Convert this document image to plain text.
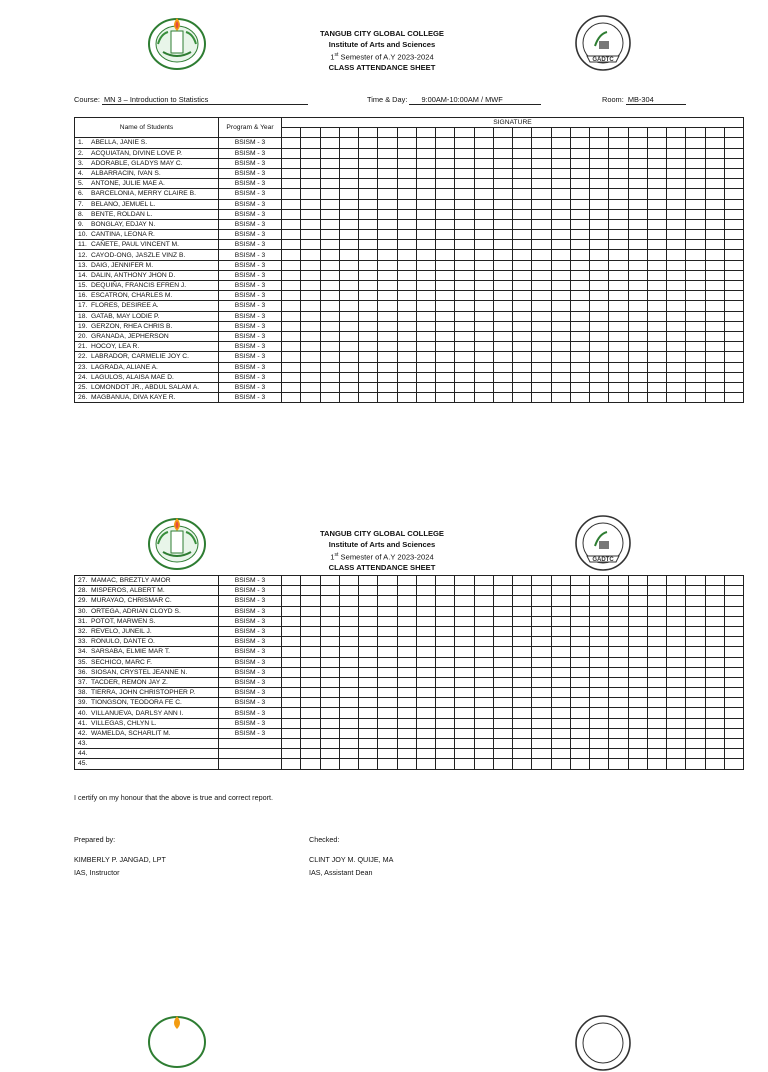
GADTC
TANGUB CITY GLOBAL COLLEGE
Institute of Arts and Sciences
1st Semester of A.Y 2023-2024
CLASS ATTENDANCE SHEET
Course: MN 3 – Introduction to Statistics	Time & Day: 9:00AM-10:00AM / MWF	Room: MB-304
Name of Students	Program & Year	SIGNATURE																							

1. ABELLA, JANIE S.	BSISM - 3																								
2. ACQUIATAN, DIVINE LOVE P.	BSISM - 3																								
3. ADORABLE, GLADYS MAY C.	BSISM - 3																								
4. ALBARRACIN, IVAN S.	BSISM - 3																								
5. ANTONE, JULIE MAE A.	BSISM - 3																								
6. BARCELONIA, MERRY CLAIRE B.	BSISM - 3																								
7. BELANO, JEMUEL L.	BSISM - 3																								
8. BENTE, ROLDAN L.	BSISM - 3																								
9. BONGLAY, EDJAY N.	BSISM - 3																								
10. CANTINA, LEONA R.	BSISM - 3																								
11. CAÑETE, PAUL VINCENT M.	BSISM - 3																								
12. CAYOD-ONG, JASZLE VINZ B.	BSISM - 3																								
13. DAIG, JENNIFER M.	BSISM - 3																								
14. DALIN, ANTHONY JHON D.	BSISM - 3																								
15. DEQUIÑA, FRANCIS EFREN J.	BSISM - 3																								
16. ESCATRON, CHARLES M.	BSISM - 3																								
17. FLORES, DESIREE A.	BSISM - 3																								
18. GATAB, MAY LODIE P.	BSISM - 3																								
19. GERZON, RHEA CHRIS B.	BSISM - 3																								
20. GRANADA, JEPHERSON	BSISM - 3																								
21. HOCOY, LEA R.	BSISM - 3																								
22. LABRADOR, CARMELIE JOY C.	BSISM - 3																								
23. LAGRADA, ALIANE A.	BSISM - 3																								
24. LAGULOS, ALAISA MAE D.	BSISM - 3																								
25. LOMONDOT JR., ABDUL SALAM A.	BSISM - 3																								
26. MAGBANUA, DIVA KAYE R.	BSISM - 3																								
GADTC
TANGUB CITY GLOBAL COLLEGE
Institute of Arts and Sciences
1st Semester of A.Y 2023-2024
CLASS ATTENDANCE SHEET
27. MAMAC, BREZTLY AMOR	BSISM - 3																								
28. MISPEROS, ALBERT M.	BSISM - 3																								
29. MURAYAO, CHRISMAR C.	BSISM - 3																								
30. ORTEGA, ADRIAN CLOYD S.	BSISM - 3																								
31. POTOT, MARWEN S.	BSISM - 3																								
32. REVELO, JUNEIL J.	BSISM - 3																								
33. RONULO, DANTE O.	BSISM - 3																								
34. SARSABA, ELMIE MAR T.	BSISM - 3																								
35. SECHICO, MARC F.	BSISM - 3																								
36. SIOSAN, CRYSTEL JEANNE N.	BSISM - 3																								
37. TACDER, REMON JAY Z.	BSISM - 3																								
38. TIERRA, JOHN CHRISTOPHER P.	BSISM - 3																								
39. TIONGSON, TEODORA FE C.	BSISM - 3																								
40. VILLANUEVA, DARLSY ANN I.	BSISM - 3																								
41. VILLEGAS, CHLYN L.	BSISM - 3																								
42. WAMELDA, SCHARLIT M.	BSISM - 3																								
43.																									
44.																									
45.																									
I certify on my honour that the above is true and correct report.
Prepared by:
KIMBERLY P. JANGAD, LPT
IAS, Instructor
Checked:
CLINT JOY M. QUIJE, MA
IAS, Assistant Dean
